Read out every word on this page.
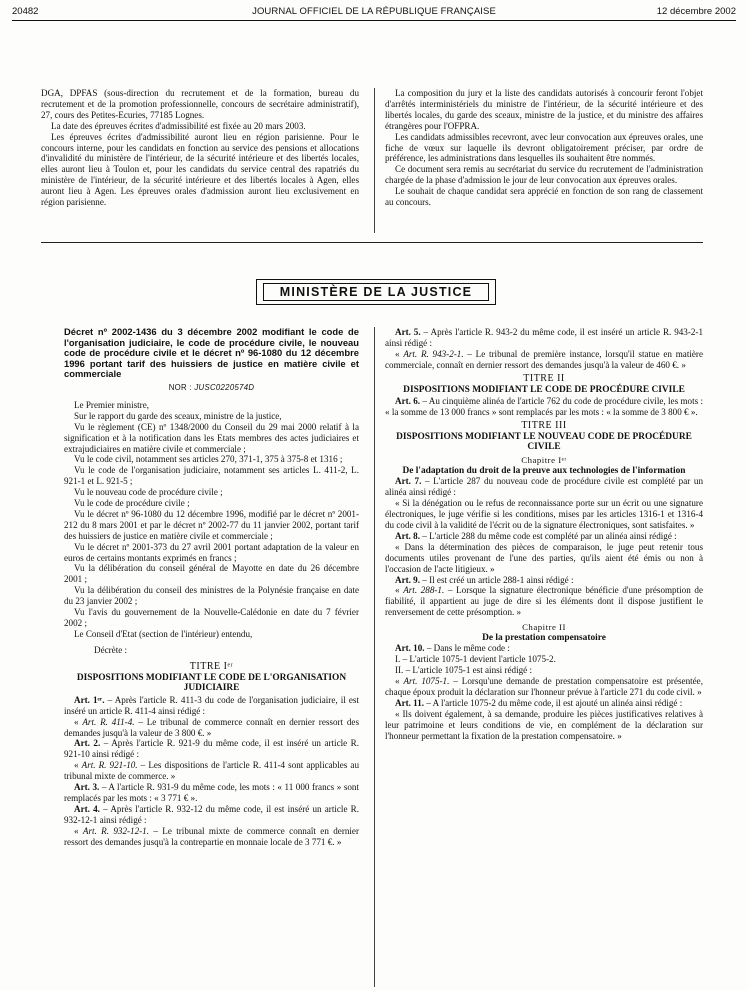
20482	JOURNAL OFFICIEL DE LA RÉPUBLIQUE FRANÇAISE	12 décembre 2002

DGA, DPFAS (sous-direction du recrutement et de la formation, bureau du recrutement et de la promotion professionnelle, concours de secrétaire administratif), 27, cours des Petites-Ecuries, 77185 Lognes.

La date des épreuves écrites d'admissibilité est fixée au 20 mars 2003.

Les épreuves écrites d'admissibilité auront lieu en région parisienne. Pour le concours interne, pour les candidats en fonction au service des pensions et allocations d'invalidité du ministère de l'intérieur, de la sécurité intérieure et des libertés locales, elles auront lieu à Toulon et, pour les candidats du service central des rapatriés du ministère de l'intérieur, de la sécurité intérieure et des libertés locales à Agen, elles auront lieu à Agen. Les épreuves orales d'admission auront lieu exclusivement en région parisienne.

La composition du jury et la liste des candidats autorisés à concourir feront l'objet d'arrêtés interministériels du ministre de l'intérieur, de la sécurité intérieure et des libertés locales, du garde des sceaux, ministre de la justice, et du ministre des affaires étrangères pour l'OFPRA.

Les candidats admissibles recevront, avec leur convocation aux épreuves orales, une fiche de vœux sur laquelle ils devront obligatoirement préciser, par ordre de préférence, les administrations dans lesquelles ils souhaitent être nommés.

Ce document sera remis au secrétariat du service du recrutement de l'administration chargée de la phase d'admission le jour de leur convocation aux épreuves orales.

Le souhait de chaque candidat sera apprécié en fonction de son rang de classement au concours.

MINISTÈRE DE LA JUSTICE
Décret nº 2002-1436 du 3 décembre 2002 modifiant le code de l'organisation judiciaire, le code de procédure civile, le nouveau code de procédure civile et le décret nº 96-1080 du 12 décembre 1996 portant tarif des huissiers de justice en matière civile et commerciale
NOR : JUSC0220574D

Le Premier ministre,

Sur le rapport du garde des sceaux, ministre de la justice,

Vu le règlement (CE) nº 1348/2000 du Conseil du 29 mai 2000 relatif à la signification et à la notification dans les Etats membres des actes judiciaires et extrajudiciaires en matière civile et commerciale ;

Vu le code civil, notamment ses articles 270, 371-1, 375 à 375-8 et 1316 ;

Vu le code de l'organisation judiciaire, notamment ses articles L. 411-2, L. 921-1 et L. 921-5 ;

Vu le nouveau code de procédure civile ;

Vu le code de procédure civile ;

Vu le décret nº 96-1080 du 12 décembre 1996, modifié par le décret nº 2001-212 du 8 mars 2001 et par le décret nº 2002-77 du 11 janvier 2002, portant tarif des huissiers de justice en matière civile et commerciale ;

Vu le décret nº 2001-373 du 27 avril 2001 portant adaptation de la valeur en euros de certains montants exprimés en francs ;

Vu la délibération du conseil général de Mayotte en date du 26 décembre 2001 ;

Vu la délibération du conseil des ministres de la Polynésie française en date du 23 janvier 2002 ;

Vu l'avis du gouvernement de la Nouvelle-Calédonie en date du 7 février 2002 ;

Le Conseil d'Etat (section de l'intérieur) entendu,

Décrète :

TITRE Iᵉʳ
DISPOSITIONS MODIFIANT LE CODE DE L'ORGANISATION JUDICIAIRE

Art. 1ᵉʳ. – Après l'article R. 411-3 du code de l'organisation judiciaire, il est inséré un article R. 411-4 ainsi rédigé :

« Art. R. 411-4. – Le tribunal de commerce connaît en dernier ressort des demandes jusqu'à la valeur de 3 800 €. »

Art. 2. – Après l'article R. 921-9 du même code, il est inséré un article R. 921-10 ainsi rédigé :

« Art. R. 921-10. – Les dispositions de l'article R. 411-4 sont applicables au tribunal mixte de commerce. »

Art. 3. – A l'article R. 931-9 du même code, les mots : « 11 000 francs » sont remplacés par les mots : « 3 771 € ».

Art. 4. – Après l'article R. 932-12 du même code, il est inséré un article R. 932-12-1 ainsi rédigé :

« Art. R. 932-12-1. – Le tribunal mixte de commerce connaît en dernier ressort des demandes jusqu'à la contrepartie en monnaie locale de 3 771 €. »

Art. 5. – Après l'article R. 943-2 du même code, il est inséré un article R. 943-2-1 ainsi rédigé :

« Art. R. 943-2-1. – Le tribunal de première instance, lorsqu'il statue en matière commerciale, connaît en dernier ressort des demandes jusqu'à la valeur de 460 €. »

TITRE II
DISPOSITIONS MODIFIANT LE CODE DE PROCÉDURE CIVILE

Art. 6. – Au cinquième alinéa de l'article 762 du code de procédure civile, les mots : « la somme de 13 000 francs » sont remplacés par les mots : « la somme de 3 800 € ».

TITRE III
DISPOSITIONS MODIFIANT LE NOUVEAU CODE DE PROCÉDURE CIVILE
Chapitre Iᵉʳ
De l'adaptation du droit de la preuve aux technologies de l'information

Art. 7. – L'article 287 du nouveau code de procédure civile est complété par un alinéa ainsi rédigé :

« Si la dénégation ou le refus de reconnaissance porte sur un écrit ou une signature électroniques, le juge vérifie si les conditions, mises par les articles 1316-1 et 1316-4 du code civil à la validité de l'écrit ou de la signature électroniques, sont satisfaites. »

Art. 8. – L'article 288 du même code est complété par un alinéa ainsi rédigé :

« Dans la détermination des pièces de comparaison, le juge peut retenir tous documents utiles provenant de l'une des parties, qu'ils aient été émis ou non à l'occasion de l'acte litigieux. »

Art. 9. – Il est créé un article 288-1 ainsi rédigé :

« Art. 288-1. – Lorsque la signature électronique bénéficie d'une présomption de fiabilité, il appartient au juge de dire si les éléments dont il dispose justifient le renversement de cette présomption. »

Chapitre II
De la prestation compensatoire

Art. 10. – Dans le même code :

I. – L'article 1075-1 devient l'article 1075-2.

II. – L'article 1075-1 est ainsi rédigé :

« Art. 1075-1. – Lorsqu'une demande de prestation compensatoire est présentée, chaque époux produit la déclaration sur l'honneur prévue à l'article 271 du code civil. »

Art. 11. – A l'article 1075-2 du même code, il est ajouté un alinéa ainsi rédigé :

« Ils doivent également, à sa demande, produire les pièces justificatives relatives à leur patrimoine et leurs conditions de vie, en complément de la déclaration sur l'honneur permettant la fixation de la prestation compensatoire. »
